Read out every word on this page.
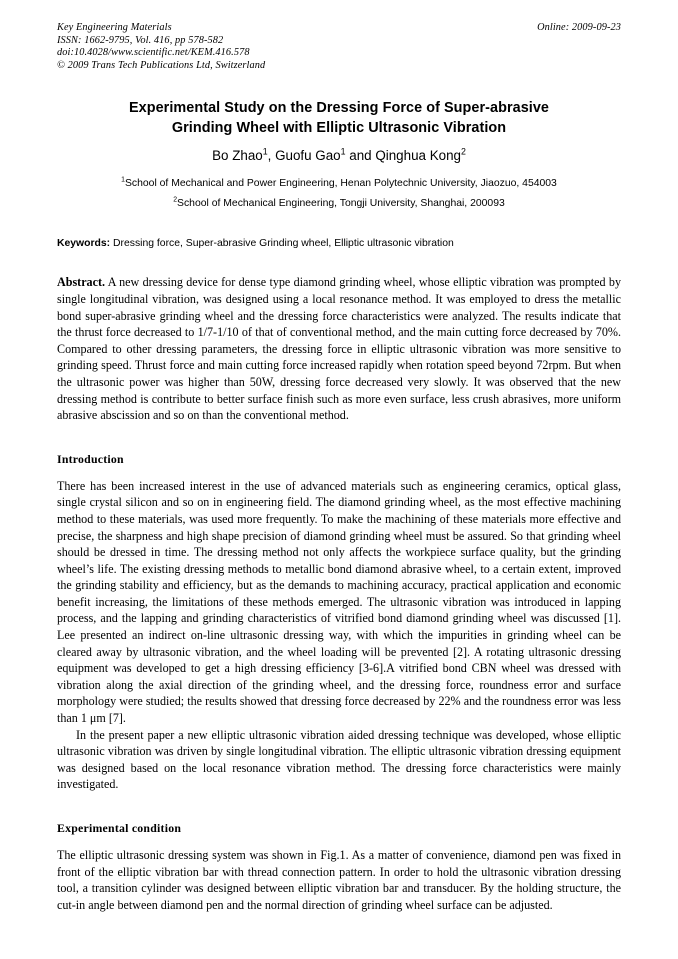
Key Engineering Materials
ISSN: 1662-9795, Vol. 416, pp 578-582
doi:10.4028/www.scientific.net/KEM.416.578
© 2009 Trans Tech Publications Ltd, Switzerland
Online: 2009-09-23
Experimental Study on the Dressing Force of Super-abrasive
Grinding Wheel with Elliptic Ultrasonic Vibration
Bo Zhao$^1$, Guofu Gao$^1$ and Qinghua Kong$^2$
$^1$School of Mechanical and Power Engineering, Henan Polytechnic University, Jiaozuo, 454003
$^2$School of Mechanical Engineering, Tongji University, Shanghai, 200093
Keywords: Dressing force, Super-abrasive Grinding wheel, Elliptic ultrasonic vibration
Abstract. A new dressing device for dense type diamond grinding wheel, whose elliptic vibration was prompted by single longitudinal vibration, was designed using a local resonance method. It was employed to dress the metallic bond super-abrasive grinding wheel and the dressing force characteristics were analyzed. The results indicate that the thrust force decreased to 1/7-1/10 of that of conventional method, and the main cutting force decreased by 70%. Compared to other dressing parameters, the dressing force in elliptic ultrasonic vibration was more sensitive to grinding speed. Thrust force and main cutting force increased rapidly when rotation speed beyond 72rpm. But when the ultrasonic power was higher than 50W, dressing force decreased very slowly. It was observed that the new dressing method is contribute to better surface finish such as more even surface, less crush abrasives, more uniform abrasive abscission and so on than the conventional method.
Introduction
There has been increased interest in the use of advanced materials such as engineering ceramics, optical glass, single crystal silicon and so on in engineering field. The diamond grinding wheel, as the most effective machining method to these materials, was used more frequently. To make the machining of these materials more effective and precise, the sharpness and high shape precision of diamond grinding wheel must be assured. So that grinding wheel should be dressed in time. The dressing method not only affects the workpiece surface quality, but the grinding wheel’s life. The existing dressing methods to metallic bond diamond abrasive wheel, to a certain extent, improved the grinding stability and efficiency, but as the demands to machining accuracy, practical application and economic benefit increasing, the limitations of these methods emerged. The ultrasonic vibration was introduced in lapping process, and the lapping and grinding characteristics of vitrified bond diamond grinding wheel was discussed [1]. Lee presented an indirect on-line ultrasonic dressing way, with which the impurities in grinding wheel can be cleared away by ultrasonic vibration, and the wheel loading will be prevented [2]. A rotating ultrasonic dressing equipment was developed to get a high dressing efficiency [3-6].A vitrified bond CBN wheel was dressed with vibration along the axial direction of the grinding wheel, and the dressing force, roundness error and surface morphology were studied; the results showed that dressing force decreased by 22% and the roundness error was less than 1 μm [7].
In the present paper a new elliptic ultrasonic vibration aided dressing technique was developed, whose elliptic ultrasonic vibration was driven by single longitudinal vibration. The elliptic ultrasonic vibration dressing equipment was designed based on the local resonance vibration method. The dressing force characteristics were mainly investigated.
Experimental condition
The elliptic ultrasonic dressing system was shown in Fig.1. As a matter of convenience, diamond pen was fixed in front of the elliptic vibration bar with thread connection pattern. In order to hold the ultrasonic vibration dressing tool, a transition cylinder was designed between elliptic vibration bar and transducer. By the holding structure, the cut-in angle between diamond pen and the normal direction of grinding wheel surface can be adjusted.
